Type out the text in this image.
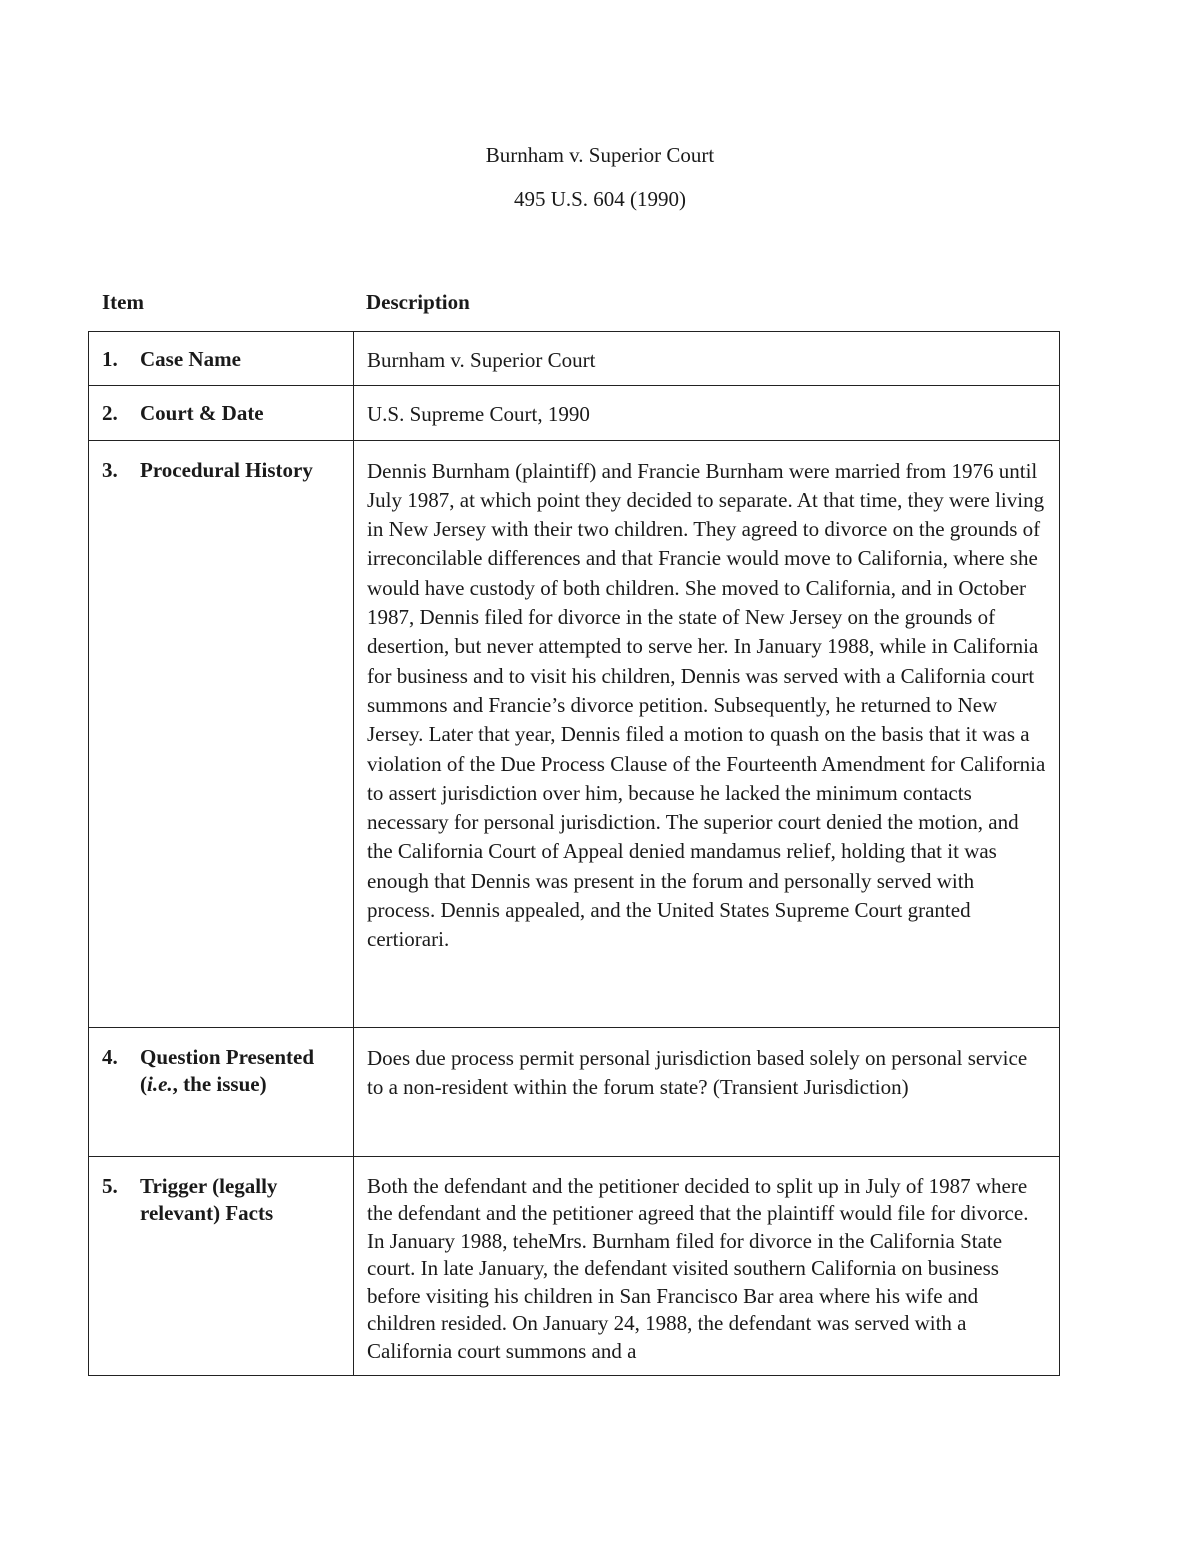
Burnham v. Superior Court
495 U.S. 604 (1990)
Item	Description
1. Case Name	Burnham v. Superior Court

2. Court & Date	U.S. Supreme Court, 1990

3. Procedural History	Dennis Burnham (plaintiff) and Francie Burnham were married from 1976 until July 1987, at which point they decided to separate. At that time, they were living in New Jersey with their two children. They agreed to divorce on the grounds of irreconcilable differences and that Francie would move to California, where she would have custody of both children. She moved to California, and in October 1987, Dennis filed for divorce in the state of New Jersey on the grounds of desertion, but never attempted to serve her. In January 1988, while in California for business and to visit his children, Dennis was served with a California court summons and Francie’s divorce petition. Subsequently, he returned to New Jersey. Later that year, Dennis filed a motion to quash on the basis that it was a violation of the Due Process Clause of the Fourteenth Amendment for California to assert jurisdiction over him, because he lacked the minimum contacts necessary for personal jurisdiction. The superior court denied the motion, and the California Court of Appeal denied mandamus relief, holding that it was enough that Dennis was present in the forum and personally served with process. Dennis appealed, and the United States Supreme Court granted certiorari.

4. Question Presented (i.e., the issue)	Does due process permit personal jurisdiction based solely on personal service to a non-resident within the forum state? (Transient Jurisdiction)

5. Trigger (legally relevant) Facts	Both the defendant and the petitioner decided to split up in July of 1987 where the defendant and the petitioner agreed that the plaintiff would file for divorce. In January 1988, teheMrs. Burnham filed for divorce in the California State court. In late January, the defendant visited southern California on business before visiting his children in San Francisco Bar area where his wife and children resided. On January 24, 1988, the defendant was served with a California court summons and a
